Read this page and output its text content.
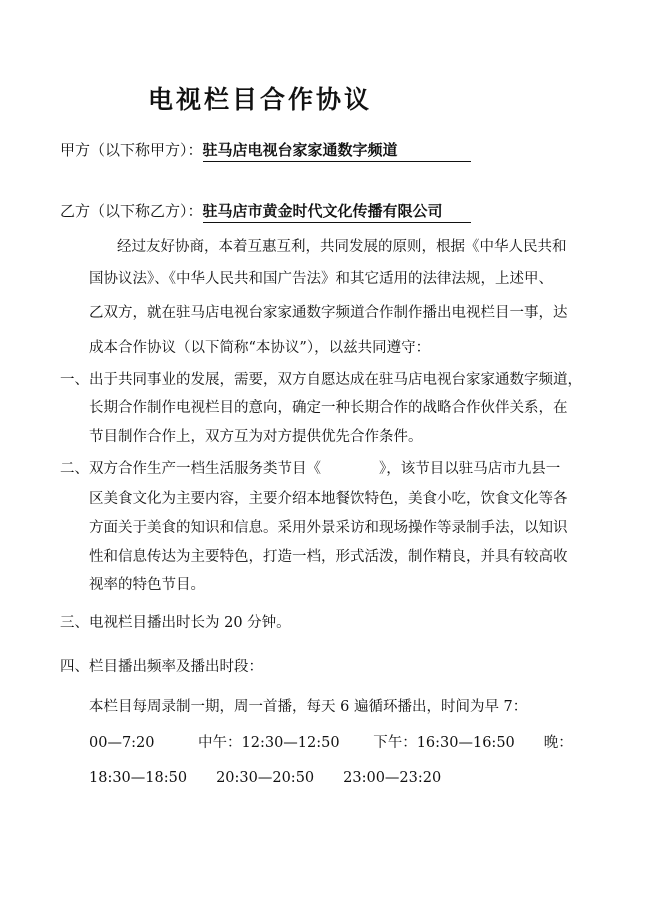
电视栏目合作协议
甲方（以下称甲方）：驻马店电视台家家通数字频道
乙方（以下称乙方）：驻马店市黄金时代文化传播有限公司
经过友好协商，本着互惠互利，共同发展的原则，根据《中华人民共和
国协议法》、《中华人民共和国广告法》和其它适用的法律法规，上述甲、
乙双方，就在驻马店电视台家家通数字频道合作制作播出电视栏目一事，达
成本合作协议（以下简称“本协议”），以兹共同遵守：
一、 出于共同事业的发展，需要，双方自愿达成在驻马店电视台家家通数字频道，
长期合作制作电视栏目的意向，确定一种长期合作的战略合作伙伴关系，在
节目制作合作上，双方互为对方提供优先合作条件。
二、 双方合作生产一档生活服务类节目《　　　　》，该节目以驻马店市九县一
区美食文化为主要内容，主要介绍本地餐饮特色，美食小吃，饮食文化等各
方面关于美食的知识和信息。采用外景采访和现场操作等录制手法，以知识
性和信息传达为主要特色，打造一档，形式活泼，制作精良，并具有较高收
视率的特色节目。
三、 电视栏目播出时长为 20 分钟。
四、 栏目播出频率及播出时段：
本栏目每周录制一期，周一首播，每天 6 遍循环播出，时间为早 7：
00—7:20　　　中午：12:30—12:50　　 下午：16:30—16:50　　晚：
18:30—18:50　　20:30—20:50　　23:00—23:20
